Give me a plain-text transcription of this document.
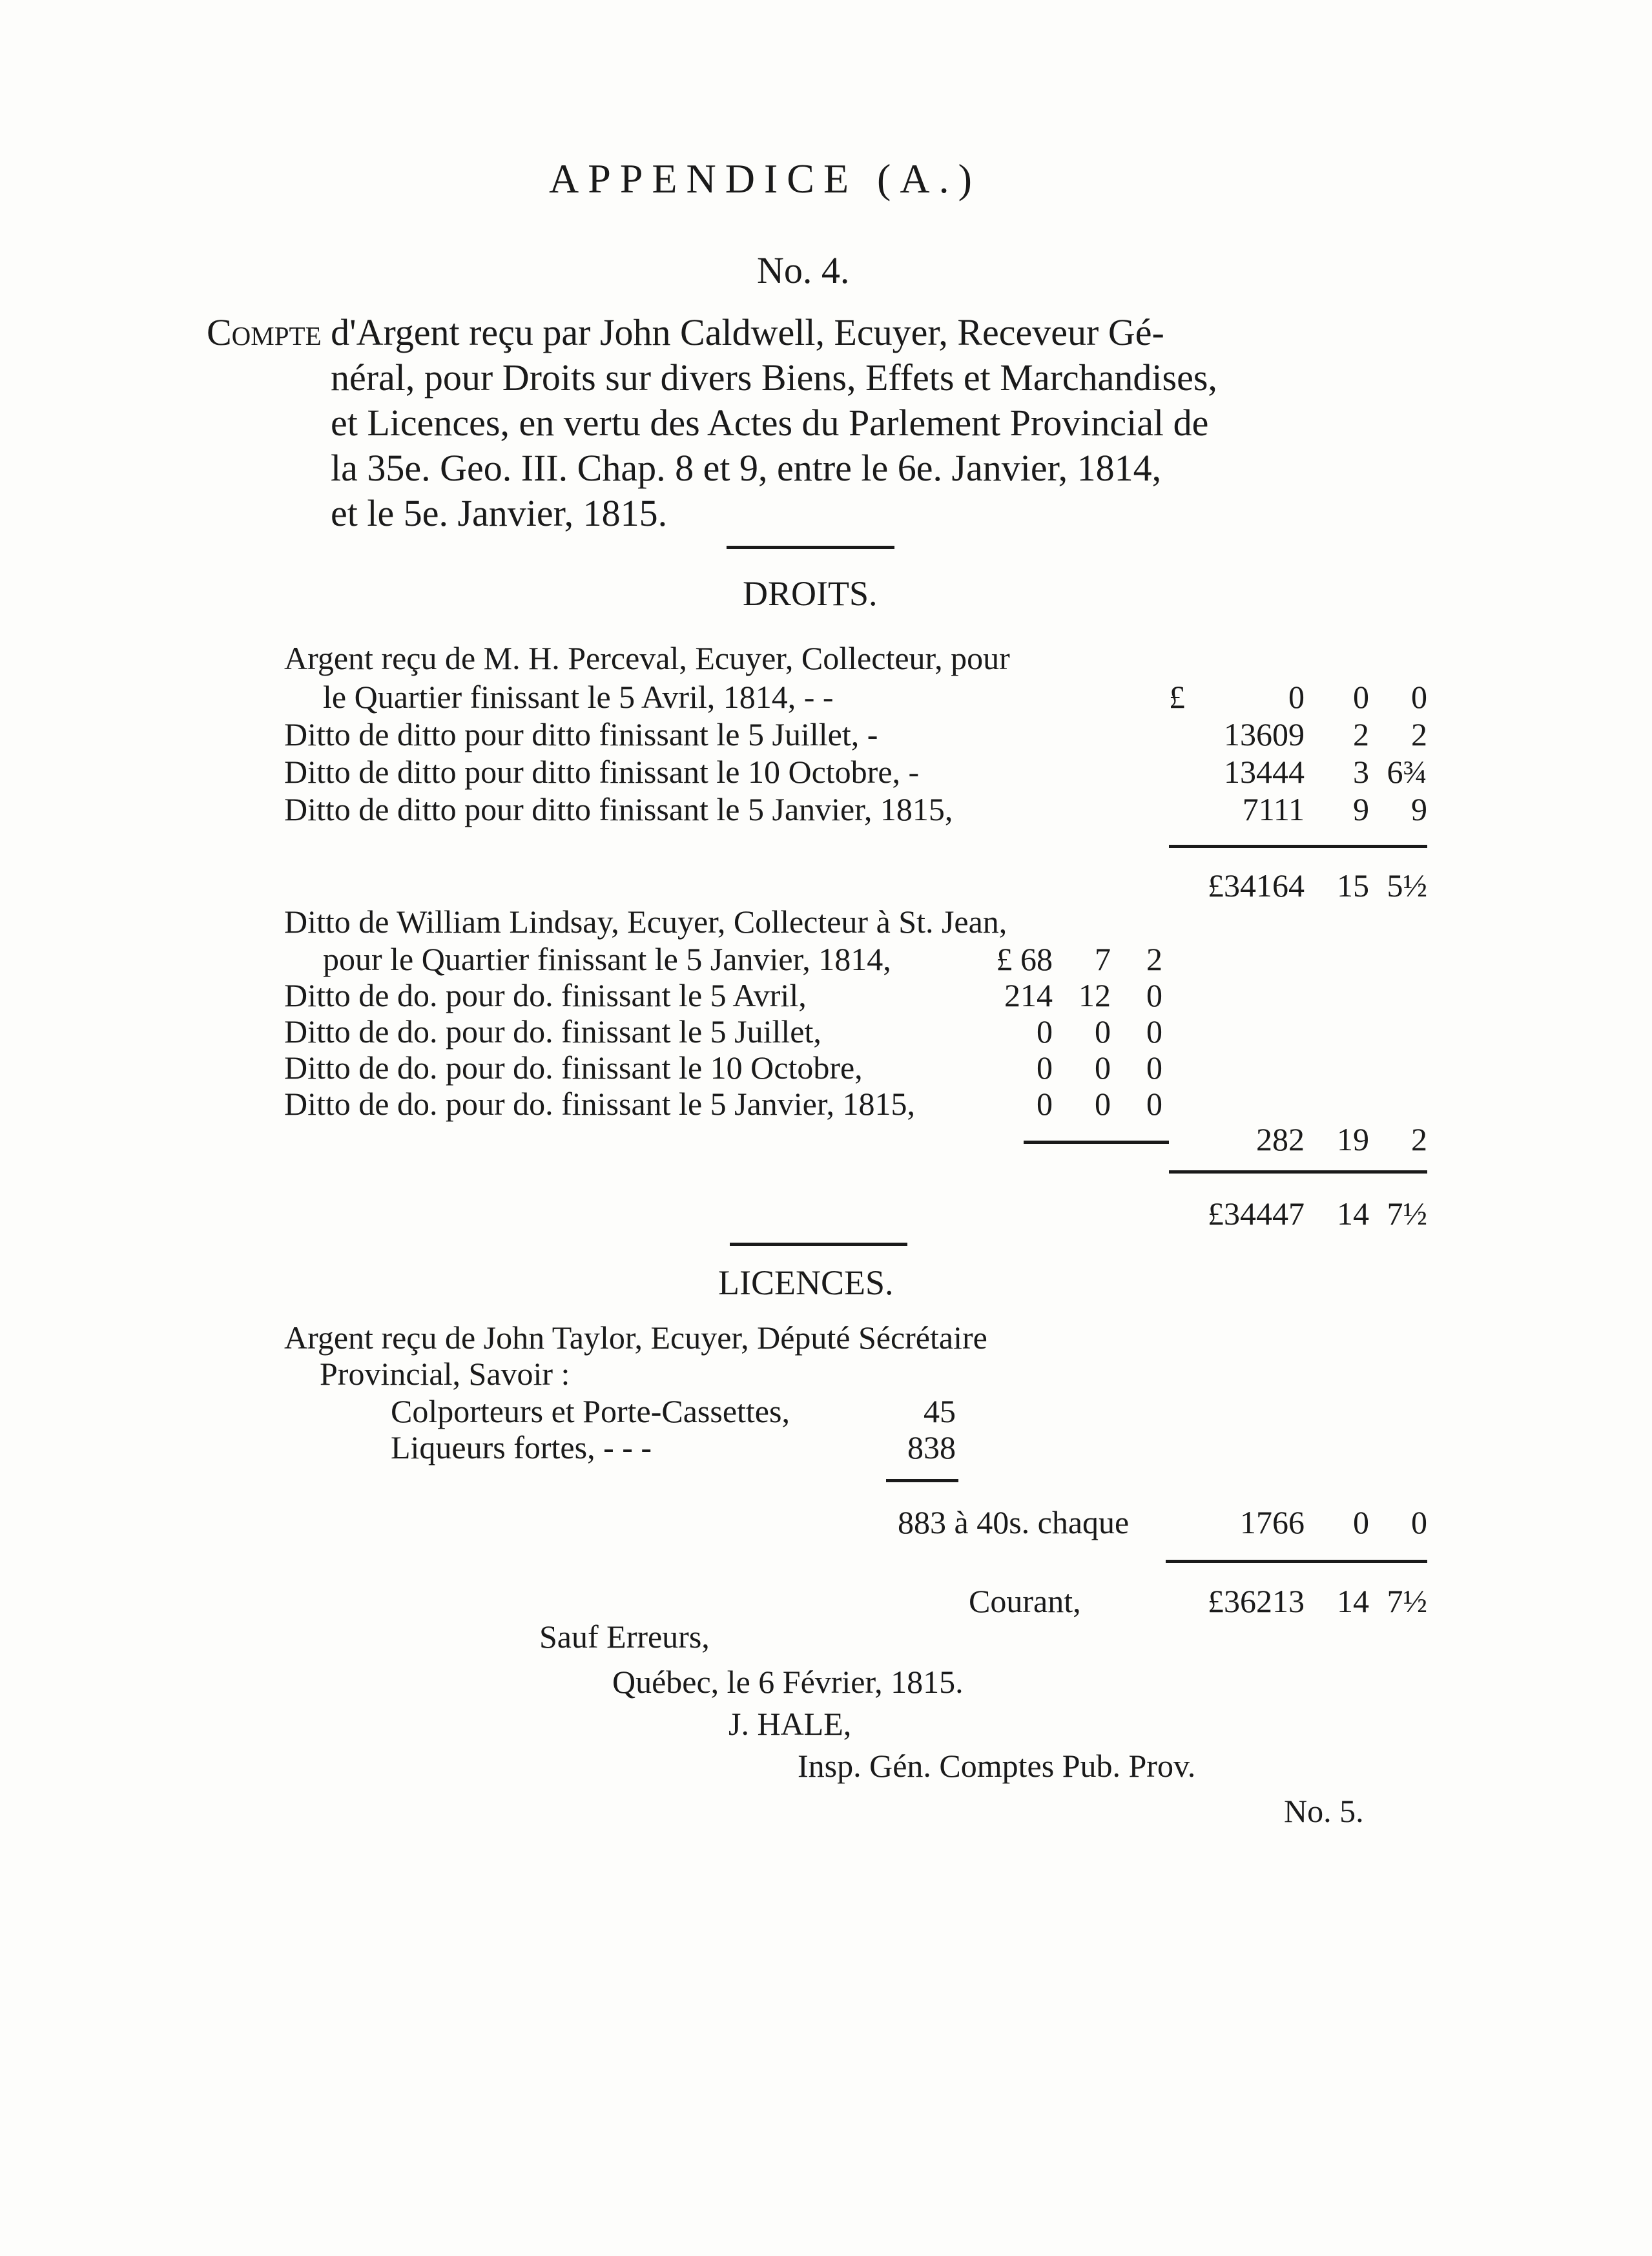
APPENDICE (A.)
No. 4.
Compte d'Argent reçu par John Caldwell, Ecuyer, Receveur Gé-
néral, pour Droits sur divers Biens, Effets et Marchandises,
et Licences, en vertu des Actes du Parlement Provincial de
la 35e. Geo. III. Chap. 8 et 9, entre le 6e. Janvier, 1814,
et le 5e. Janvier, 1815.
DROITS.
Argent reçu de M. H. Perceval, Ecuyer, Collecteur, pour
le Quartier finissant le 5 Avril, 1814, - -	£	0	0	0
Ditto de ditto pour ditto finissant le 5 Juillet, -	13609	2	2
Ditto de ditto pour ditto finissant le 10 Octobre, -	13444	3 6¾
Ditto de ditto pour ditto finissant le 5 Janvier, 1815,	7111	9	9
£34164	15 5½
Ditto de William Lindsay, Ecuyer, Collecteur à St. Jean,
pour le Quartier finissant le 5 Janvier, 1814,	£ 68	7	2
Ditto de do. pour do. finissant le 5 Avril,	214 12	0
Ditto de do. pour do. finissant le 5 Juillet,	0	0	0
Ditto de do. pour do. finissant le 10 Octobre,	0	0	0
Ditto de do. pour do. finissant le 5 Janvier, 1815,	0	0	0
282	19	2
£34447	14 7½
LICENCES.
Argent reçu de John Taylor, Ecuyer, Député Sécrétaire
Provincial, Savoir :
Colporteurs et Porte-Cassettes,	45
Liqueurs fortes, - - -	838
883 à 40s. chaque	1766	0	0
Courant,	£36213	14 7½
Sauf Erreurs,
Québec, le 6 Février, 1815.
J. HALE,
Insp. Gén. Comptes Pub. Prov.
No. 5.
